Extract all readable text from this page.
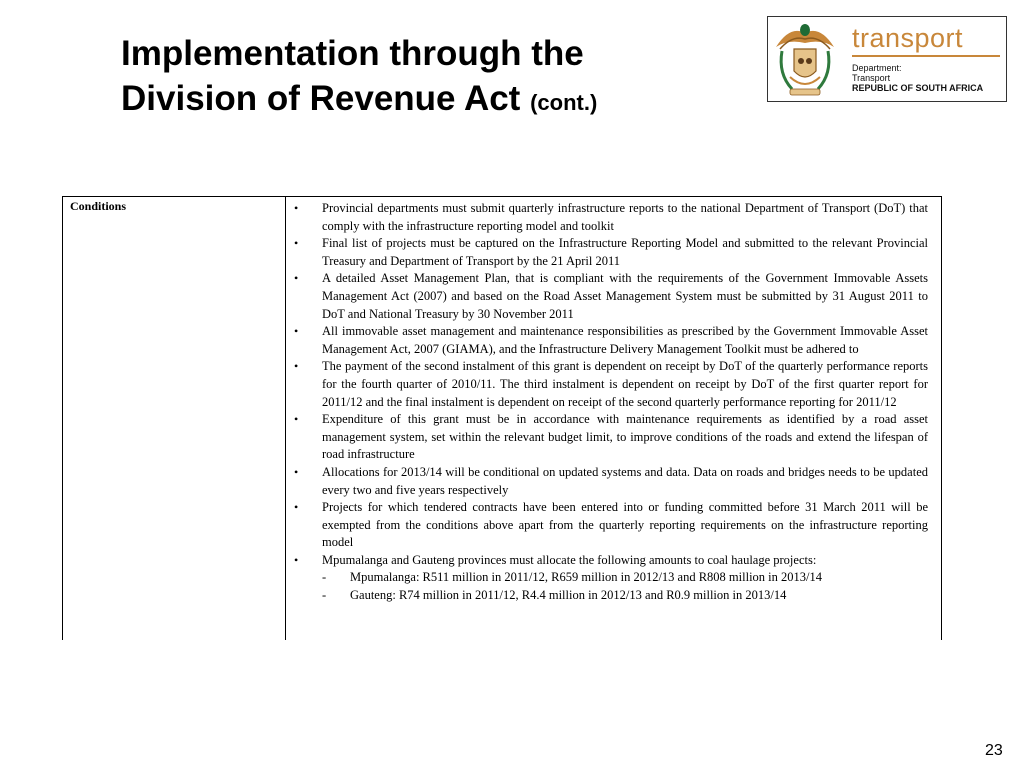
Implementation through the Division of Revenue Act (cont.)
transport
Department:
Transport
REPUBLIC OF SOUTH AFRICA
Conditions	• Provincial departments must submit quarterly infrastructure reports to the national Department of Transport (DoT) that comply with the infrastructure reporting model and toolkit
• Final list of projects must be captured on the Infrastructure Reporting Model and submitted to the relevant Provincial Treasury and Department of Transport by the 21 April 2011
• A detailed Asset Management Plan, that is compliant with the requirements of the Government Immovable Assets Management Act (2007) and based on the Road Asset Management System must be submitted by 31 August 2011 to DoT and National Treasury by 30 November 2011
• All immovable asset management and maintenance responsibilities as prescribed by the Government Immovable Asset Management Act, 2007 (GIAMA), and the Infrastructure Delivery Management Toolkit must be adhered to
• The payment of the second instalment of this grant is dependent on receipt by DoT of the quarterly performance reports for the fourth quarter of 2010/11. The third instalment is dependent on receipt by DoT of the first quarter report for 2011/12 and the final instalment is dependent on receipt of the second quarterly performance reporting for 2011/12
• Expenditure of this grant must be in accordance with maintenance requirements as identified by a road asset management system, set within the relevant budget limit, to improve conditions of the roads and extend the lifespan of road infrastructure
• Allocations for 2013/14 will be conditional on updated systems and data. Data on roads and bridges needs to be updated every two and five years respectively
• Projects for which tendered contracts have been entered into or funding committed before 31 March 2011 will be exempted from the conditions above apart from the quarterly reporting requirements on the infrastructure reporting model
• Mpumalanga and Gauteng provinces must allocate the following amounts to coal haulage projects:
- Mpumalanga: R511 million in 2011/12, R659 million in 2012/13 and R808 million in 2013/14
- Gauteng: R74 million in 2011/12, R4.4 million in 2012/13 and R0.9 million in 2013/14
23
